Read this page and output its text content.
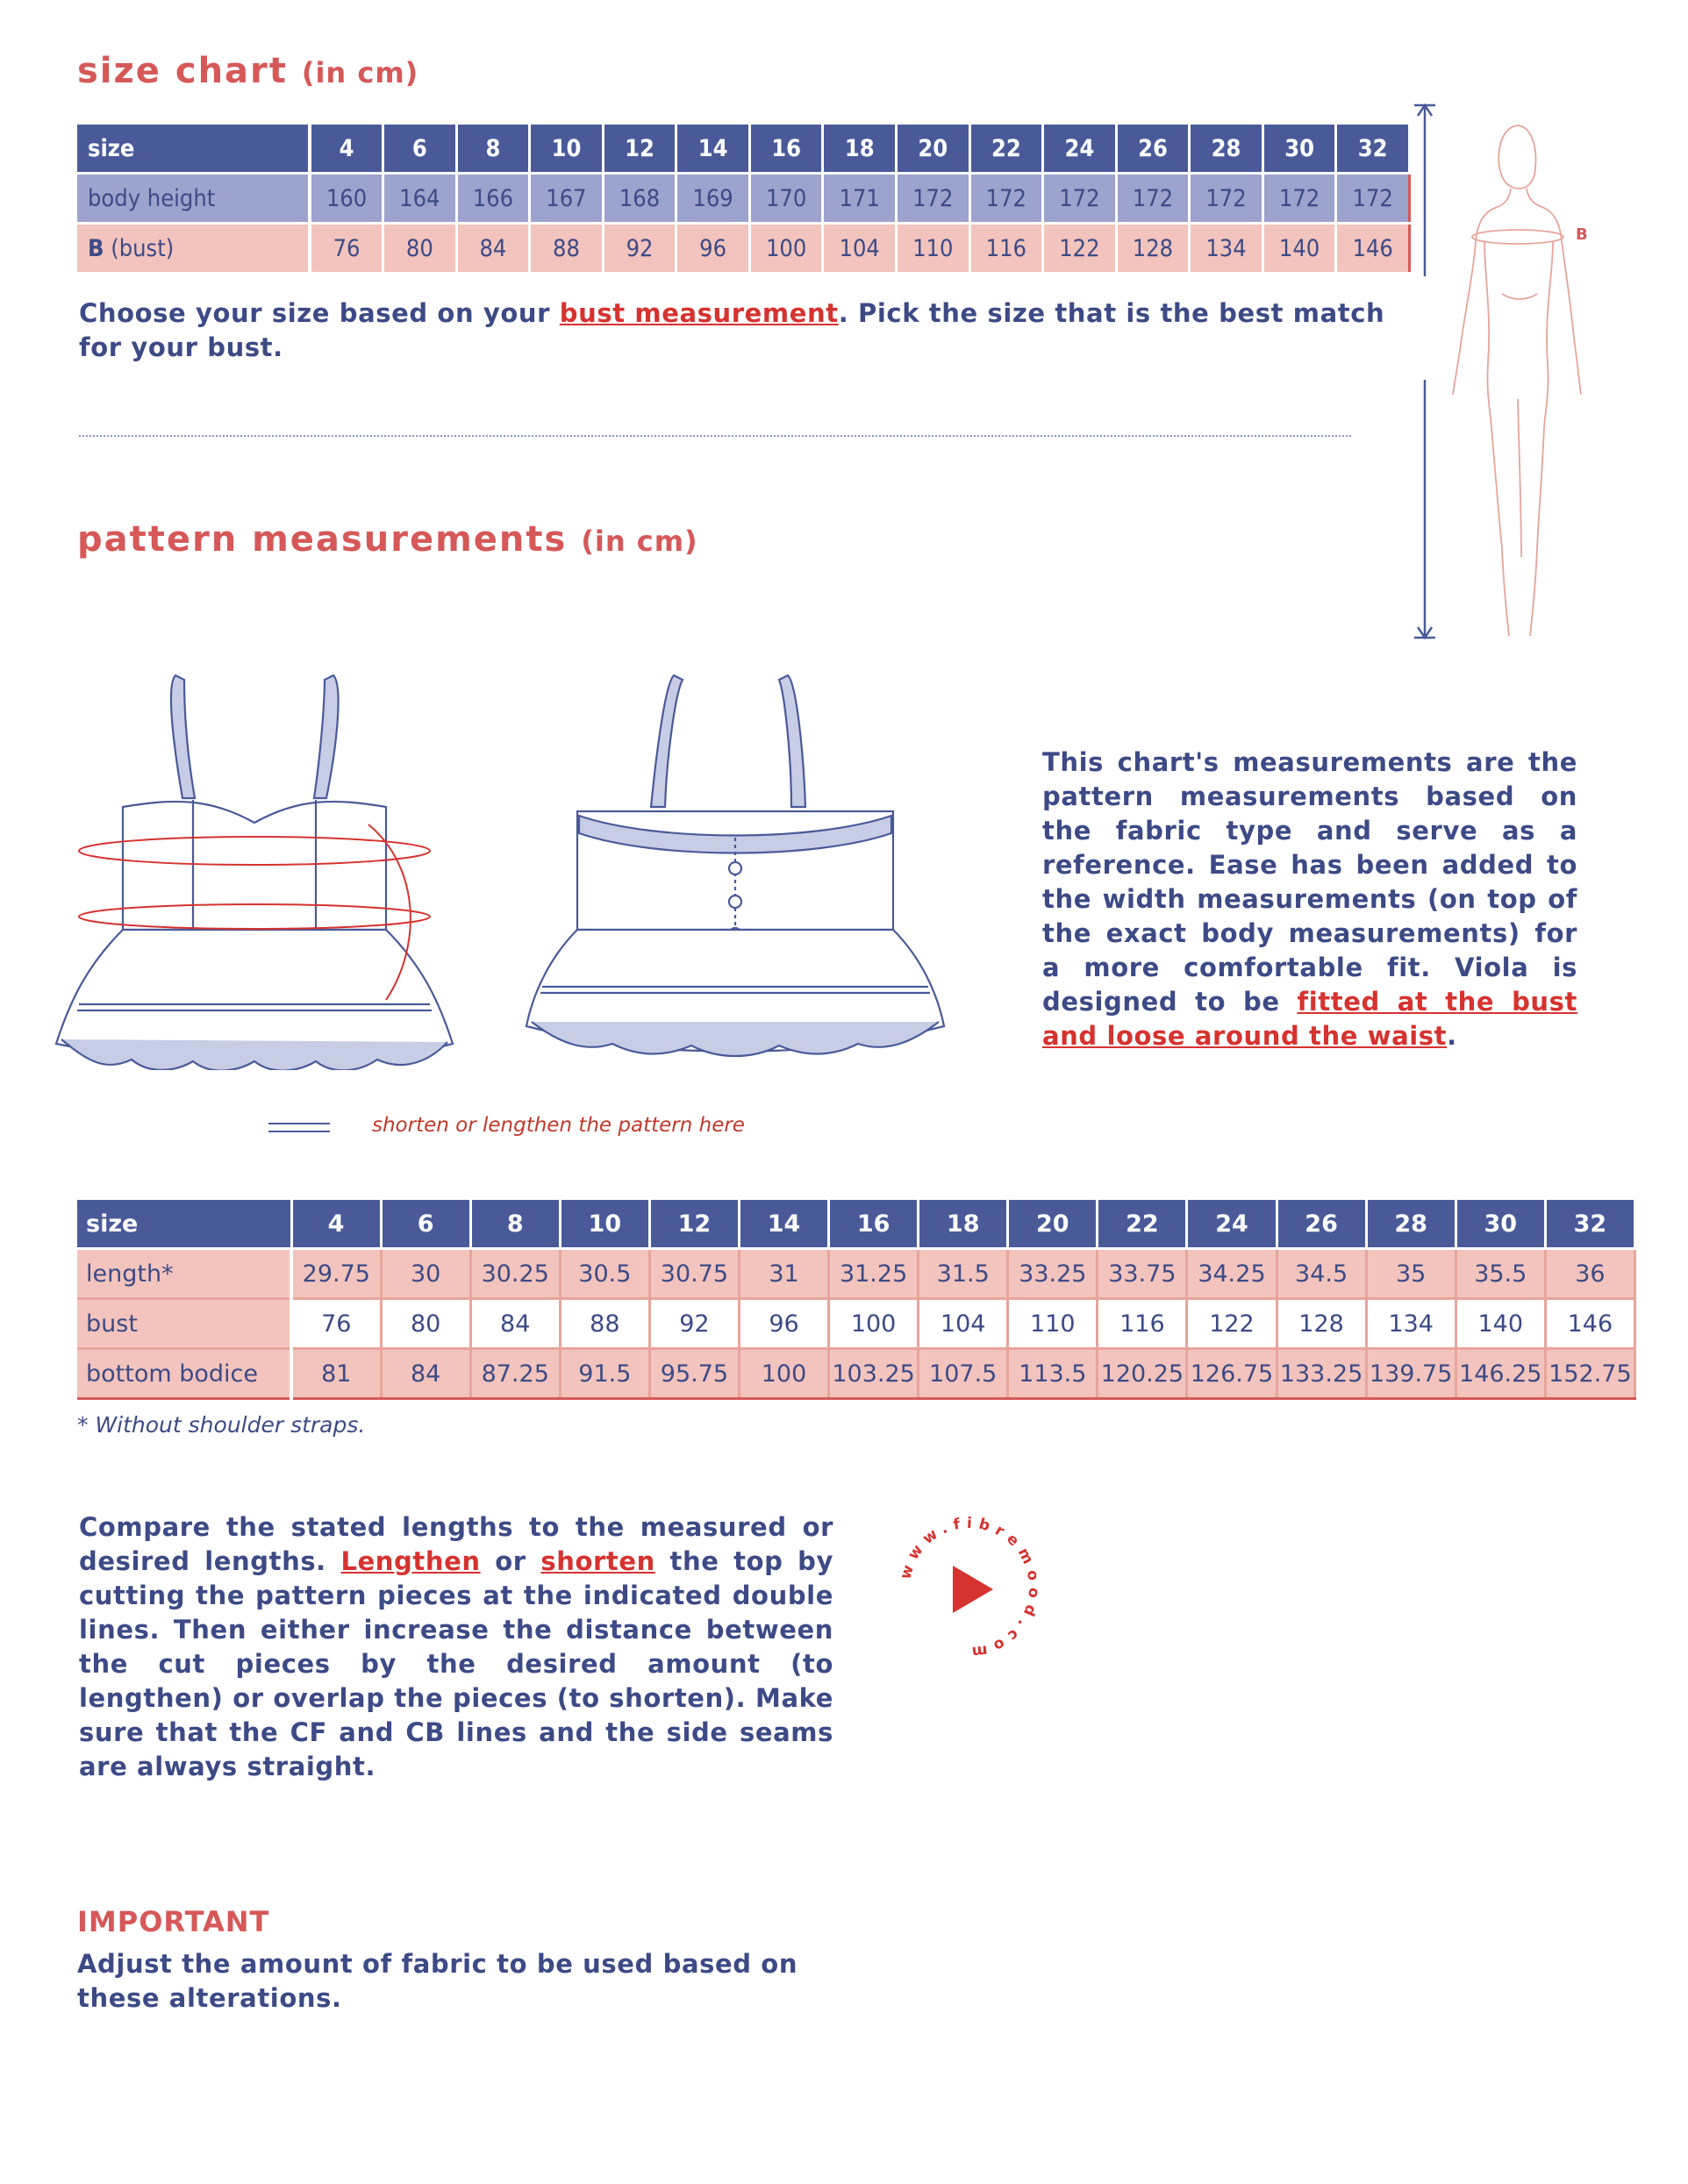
size chart (in cm)
size	4	6	8	10	12	14	16	18	20	22	24	26	28	30	32
body height	160	164	166	167	168	169	170	171	172	172	172	172	172	172	172
B (bust)	76	80	84	88	92	96	100	104	110	116	122	128	134	140	146
Choose your size based on your bust measurement. Pick the size that is the best match for your bust.
B
pattern measurements (in cm)
This chart's measurements are the pattern measurements based on the fabric type and serve as a reference. Ease has been added to the width measurements (on top of the exact body measurements) for a more comfortable fit. Viola is designed to be fitted at the bust and loose around the waist.
shorten or lengthen the pattern here
size	4	6	8	10	12	14	16	18	20	22	24	26	28	30	32
length*	29.75	30	30.25	30.5	30.75	31	31.25	31.5	33.25	33.75	34.25	34.5	35	35.5	36
bust	76	80	84	88	92	96	100	104	110	116	122	128	134	140	146
bottom bodice	81	84	87.25	91.5	95.75	100	103.25	107.5	113.5	120.25	126.75	133.25	139.75	146.25	152.75
* Without shoulder straps.
Compare the stated lengths to the measured or desired lengths. Lengthen or shorten the top by cutting the pattern pieces at the indicated double lines. Then either increase the distance between the cut pieces by the desired amount (to lengthen) or overlap the pieces (to shorten). Make sure that the CF and CB lines and the side seams are always straight.
www.fibremood.com
IMPORTANT
Adjust the amount of fabric to be used based on these alterations.
